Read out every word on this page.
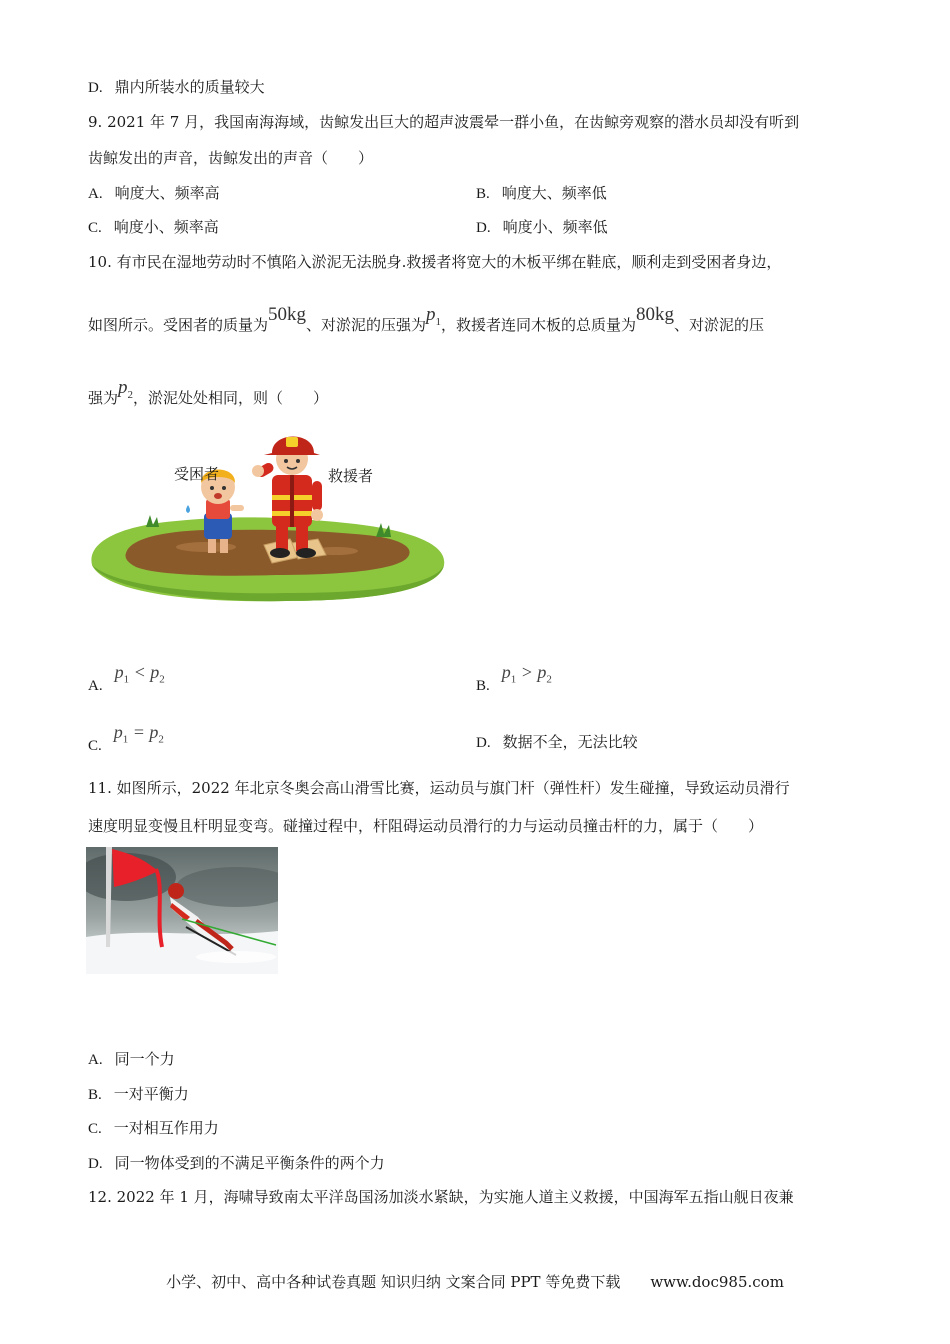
D. 鼎内所装水的质量较大
9. 2021 年 7 月，我国南海海域，齿鲸发出巨大的超声波震晕一群小鱼，在齿鲸旁观察的潜水员却没有听到
齿鲸发出的声音，齿鲸发出的声音（　　）
A. 响度大、频率高	B. 响度大、频率低
C. 响度小、频率高	D. 响度小、频率低
10. 有市民在湿地劳动时不慎陷入淤泥无法脱身.救援者将宽大的木板平绑在鞋底，顺利走到受困者身边，
如图所示。受困者的质量为50kg、对淤泥的压强为$p_1$，救援者连同木板的总质量为80kg、对淤泥的压
强为$p_2$，淤泥处处相同，则（　　）
受困者	救援者
$A.p_1 < p_2$	$B.p_1 > p_2$
$C.p_1 = p_2$	D. 数据不全，无法比较
11. 如图所示，2022 年北京冬奥会高山滑雪比赛，运动员与旗门杆（弹性杆）发生碰撞，导致运动员滑行
速度明显变慢且杆明显变弯。碰撞过程中，杆阻碍运动员滑行的力与运动员撞击杆的力，属于（　　）
A. 同一个力
B. 一对平衡力
C. 一对相互作用力
D. 同一物体受到的不满足平衡条件的两个力
12. 2022 年 1 月，海啸导致南太平洋岛国汤加淡水紧缺，为实施人道主义救援，中国海军五指山舰日夜兼
小学、初中、高中各种试卷真题 知识归纳 文案合同 PPT 等免费下载　　www.doc985.com
